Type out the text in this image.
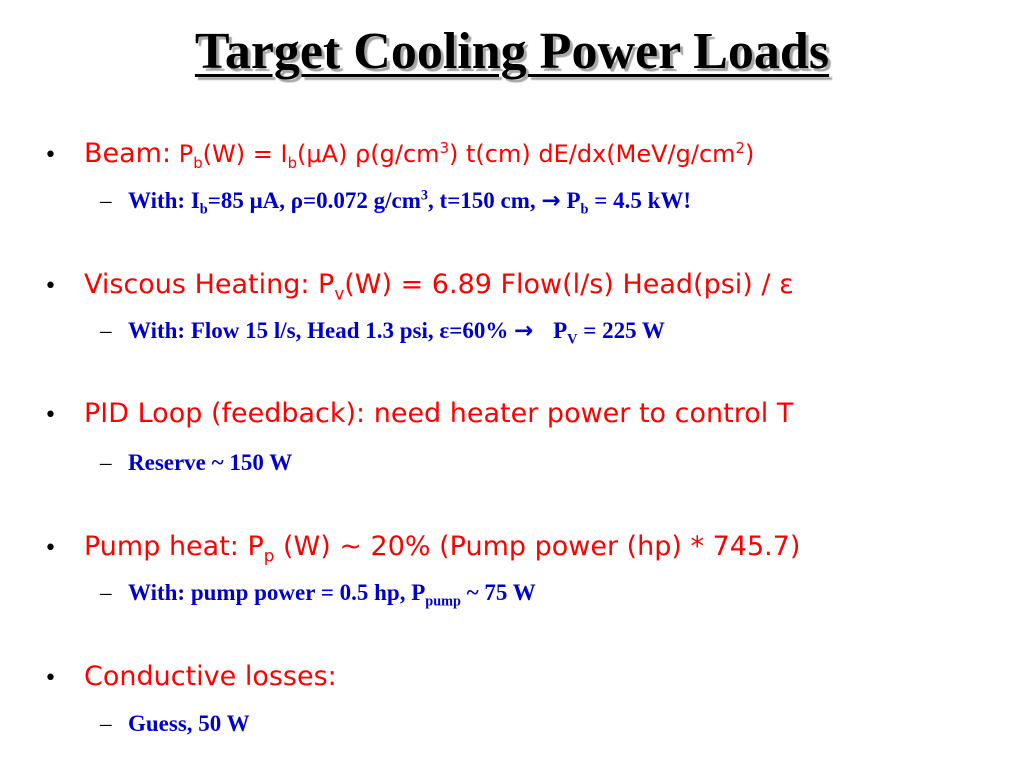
Target Cooling Power Loads
• Beam: $P_b(W) = I_b(\mu A)$ $\rho(g/cm^3)$ t(cm) $dE/dx(MeV/g/cm^2)$
– With: $I_b=85$ μA, ρ=0.072 $g/cm^3$, t=150 cm, → $P_b = 4.5$ kW!
• Viscous Heating: $P_v(W) = 6.89$ Flow(l/s) Head(psi) / ε
– With: Flow 15 l/s, Head 1.3 psi, $\varepsilon=60\% \to P_V = 225$ W
• PID Loop (feedback): need heater power to control T
– Reserve ~ 150 W
• Pump heat: $P_p$ (W) ~ 20% (Pump power (hp) * 745.7)
– With: pump power = 0.5 hp, $P_{pump}$ ~ 75 W
• Conductive losses:
– Guess, 50 W
